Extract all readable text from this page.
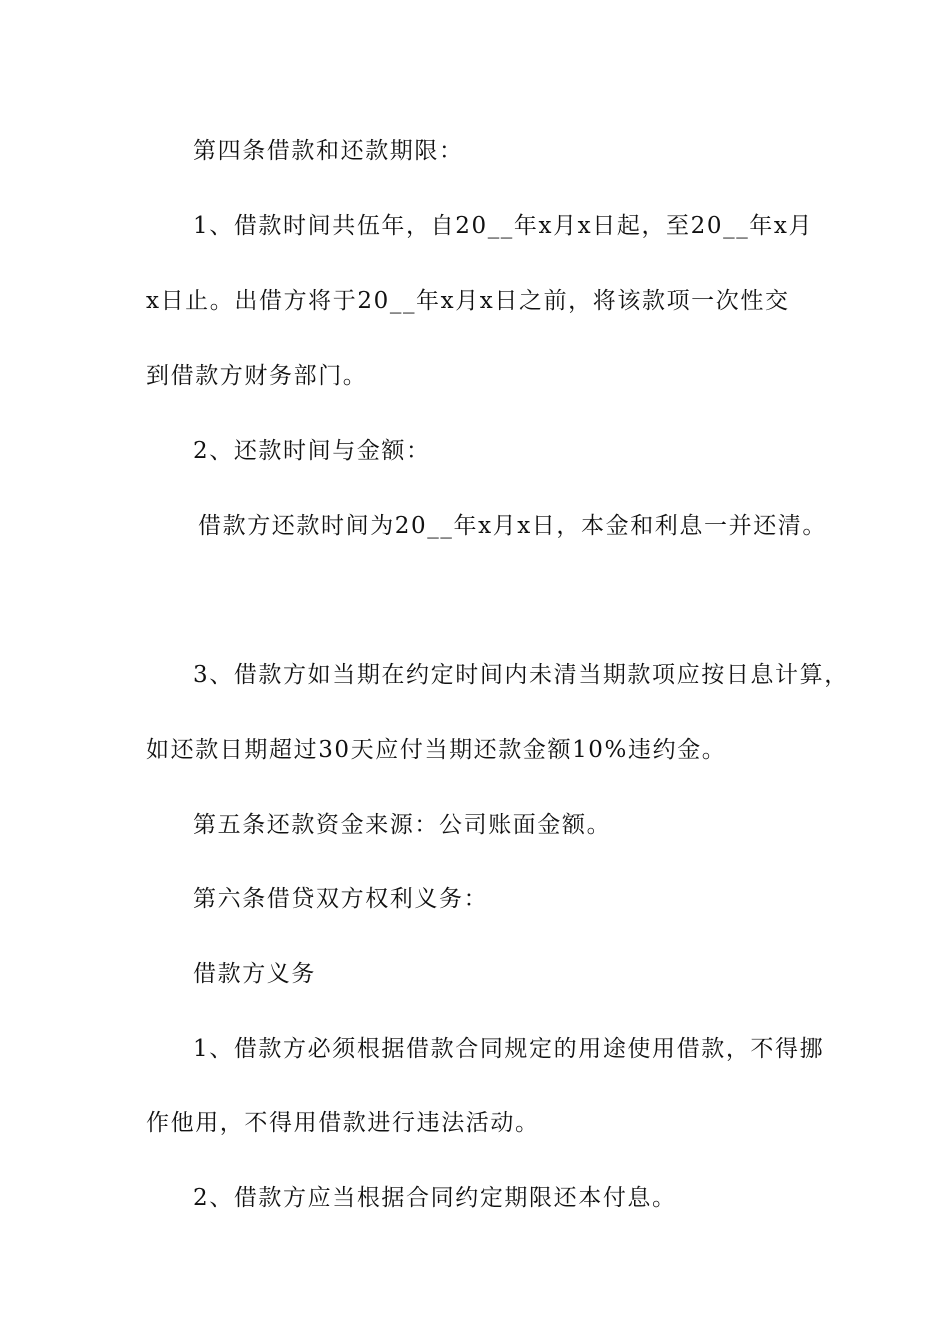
第四条借款和还款期限：
1、借款时间共伍年，自20__年x月x日起，至20__年x月
x日止。出借方将于20__年x月x日之前，将该款项一次性交
到借款方财务部门。
2、还款时间与金额：
借款方还款时间为20__年x月x日，本金和利息一并还清。
3、借款方如当期在约定时间内未清当期款项应按日息计算，
如还款日期超过30天应付当期还款金额10%违约金。
第五条还款资金来源：公司账面金额。
第六条借贷双方权利义务：
借款方义务
1、借款方必须根据借款合同规定的用途使用借款，不得挪
作他用，不得用借款进行违法活动。
2、借款方应当根据合同约定期限还本付息。
